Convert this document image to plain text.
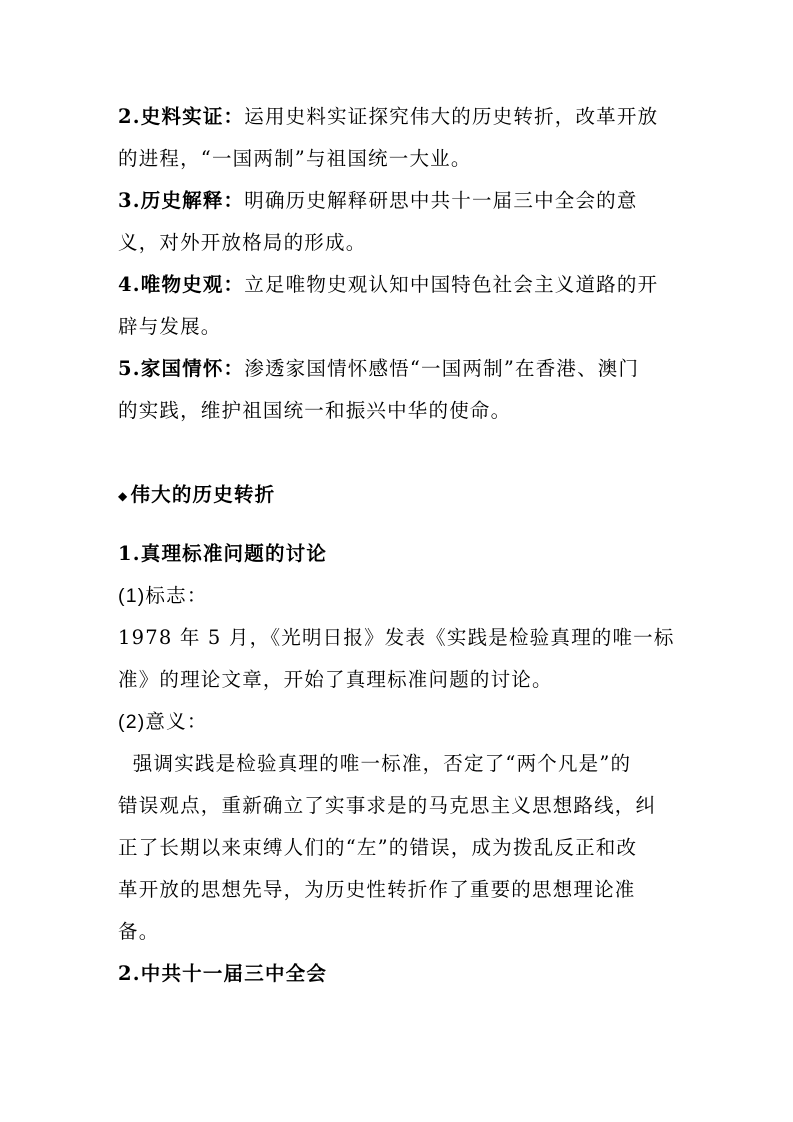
2.史料实证：运用史料实证探究伟大的历史转折，改革开放
的进程，“一国两制”与祖国统一大业。
3.历史解释：明确历史解释研思中共十一届三中全会的意
义，对外开放格局的形成。
4.唯物史观：立足唯物史观认知中国特色社会主义道路的开
辟与发展。
5.家国情怀：渗透家国情怀感悟“一国两制”在香港、澳门
的实践，维护祖国统一和振兴中华的使命。
◆ 伟大的历史转折
1.真理标准问题的讨论
(1)标志：
1978 年 5 月，《光明日报》发表《实践是检验真理的唯一标
准》的理论文章，开始了真理标准问题的讨论。
(2)意义：
强调实践是检验真理的唯一标准，否定了“两个凡是”的
错误观点，重新确立了实事求是的马克思主义思想路线，纠
正了长期以来束缚人们的“左”的错误，成为拨乱反正和改
革开放的思想先导，为历史性转折作了重要的思想理论准
备。
2.中共十一届三中全会
